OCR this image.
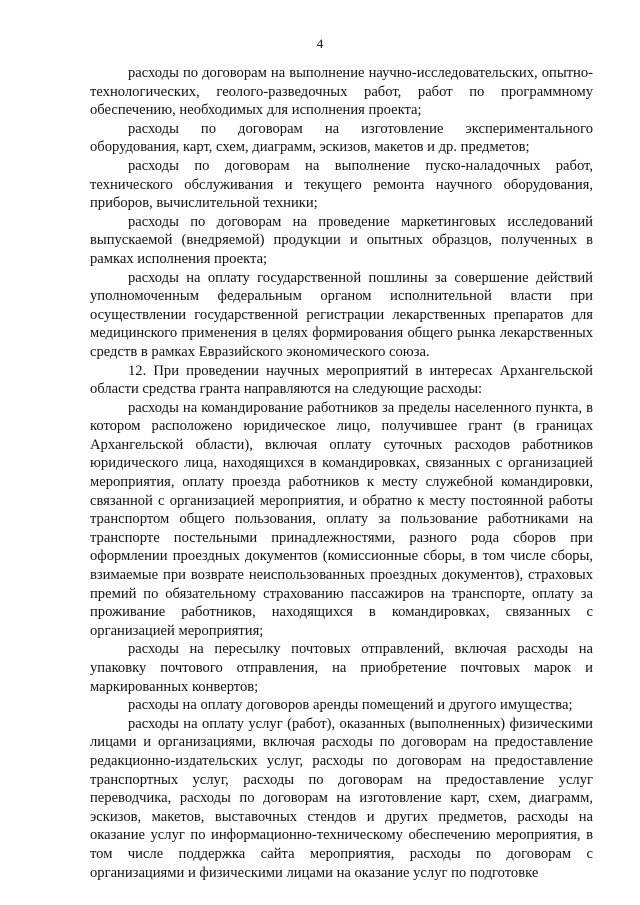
4

расходы по договорам на выполнение научно-исследовательских, опытно-технологических, геолого-разведочных работ, работ по программному обеспечению, необходимых для исполнения проекта;

расходы по договорам на изготовление экспериментального оборудования, карт, схем, диаграмм, эскизов, макетов и др. предметов;

расходы по договорам на выполнение пуско-наладочных работ, технического обслуживания и текущего ремонта научного оборудования, приборов, вычислительной техники;

расходы по договорам на проведение маркетинговых исследований выпускаемой (внедряемой) продукции и опытных образцов, полученных в рамках исполнения проекта;

расходы на оплату государственной пошлины за совершение действий уполномоченным федеральным органом исполнительной власти при осуществлении государственной регистрации лекарственных препаратов для медицинского применения в целях формирования общего рынка лекарственных средств в рамках Евразийского экономического союза.

12. При проведении научных мероприятий в интересах Архангельской области средства гранта направляются на следующие расходы:

расходы на командирование работников за пределы населенного пункта, в котором расположено юридическое лицо, получившее грант (в границах Архангельской области), включая оплату суточных расходов работников юридического лица, находящихся в командировках, связанных с организацией мероприятия, оплату проезда работников к месту служебной командировки, связанной с организацией мероприятия, и обратно к месту постоянной работы транспортом общего пользования, оплату за пользование работниками на транспорте постельными принадлежностями, разного рода сборов при оформлении проездных документов (комиссионные сборы, в том числе сборы, взимаемые при возврате неиспользованных проездных документов), страховых премий по обязательному страхованию пассажиров на транспорте, оплату за проживание работников, находящихся в командировках, связанных с организацией мероприятия;

расходы на пересылку почтовых отправлений, включая расходы на упаковку почтового отправления, на приобретение почтовых марок и маркированных конвертов;

расходы на оплату договоров аренды помещений и другого имущества;

расходы на оплату услуг (работ), оказанных (выполненных) физическими лицами и организациями, включая расходы по договорам на предоставление редакционно-издательских услуг, расходы по договорам на предоставление транспортных услуг, расходы по договорам на предоставление услуг переводчика, расходы по договорам на изготовление карт, схем, диаграмм, эскизов, макетов, выставочных стендов и других предметов, расходы на оказание услуг по информационно-техническому обеспечению мероприятия, в том числе поддержка сайта мероприятия, расходы по договорам с организациями и физическими лицами на оказание услуг по подготовке
